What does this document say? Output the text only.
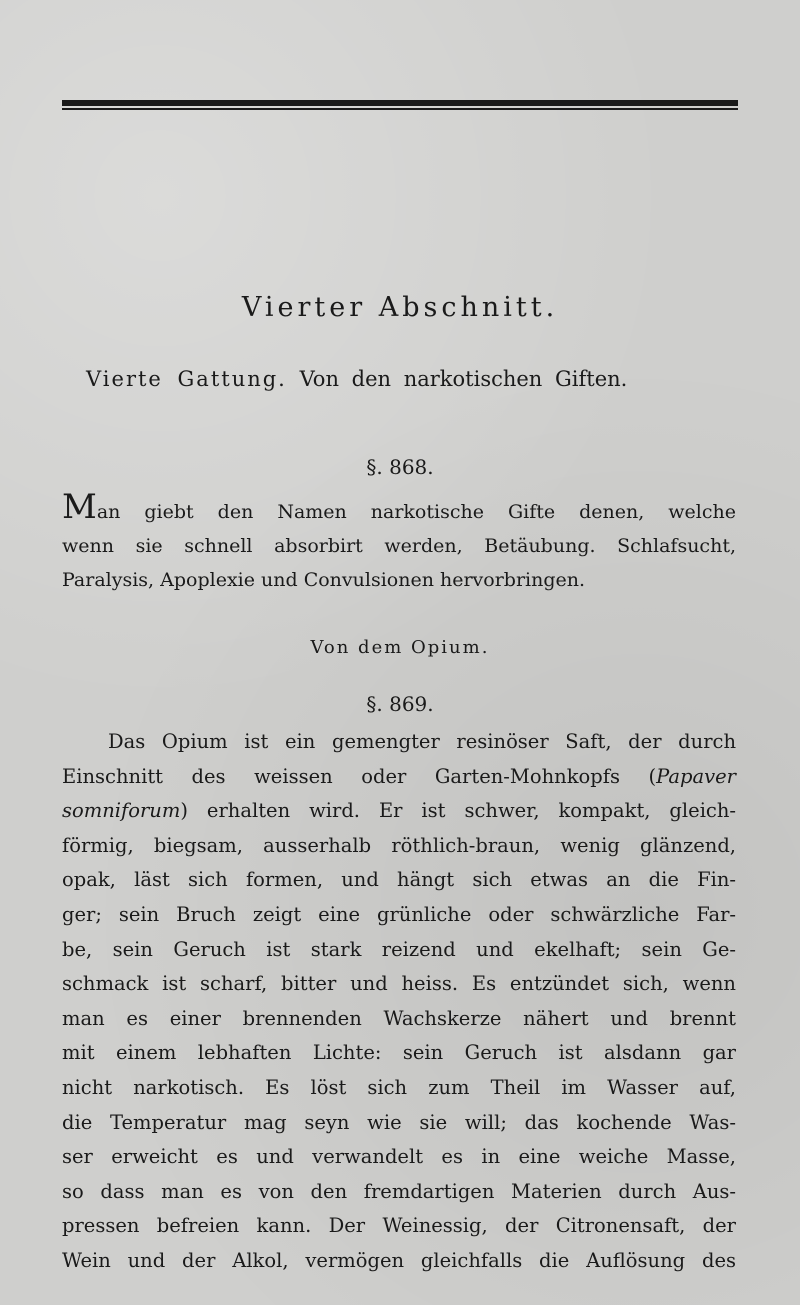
Vierter Abschnitt.
Vierte Gattung. Von den narkotischen Giften.
§. 868.
Man giebt den Namen narkotische Gifte denen, welche
wenn sie schnell absorbirt werden, Betäubung. Schlafsucht,
Paralysis, Apoplexie und Convulsionen hervorbringen.
Von dem Opium.
§. 869.
Das Opium ist ein gemengter resinöser Saft, der durch
Einschnitt des weissen oder Garten-Mohnkopfs (Papaver
somniforum) erhalten wird. Er ist schwer, kompakt, gleich-
förmig, biegsam, ausserhalb röthlich-braun, wenig glänzend,
opak, läst sich formen, und hängt sich etwas an die Fin-
ger; sein Bruch zeigt eine grünliche oder schwärzliche Far-
be, sein Geruch ist stark reizend und ekelhaft; sein Ge-
schmack ist scharf, bitter und heiss. Es entzündet sich, wenn
man es einer brennenden Wachskerze nähert und brennt
mit einem lebhaften Lichte: sein Geruch ist alsdann gar
nicht narkotisch. Es löst sich zum Theil im Wasser auf,
die Temperatur mag seyn wie sie will; das kochende Was-
ser erweicht es und verwandelt es in eine weiche Masse,
so dass man es von den fremdartigen Materien durch Aus-
pressen befreien kann. Der Weinessig, der Citronensaft, der
Wein und der Alkol, vermögen gleichfalls die Auflösung des
